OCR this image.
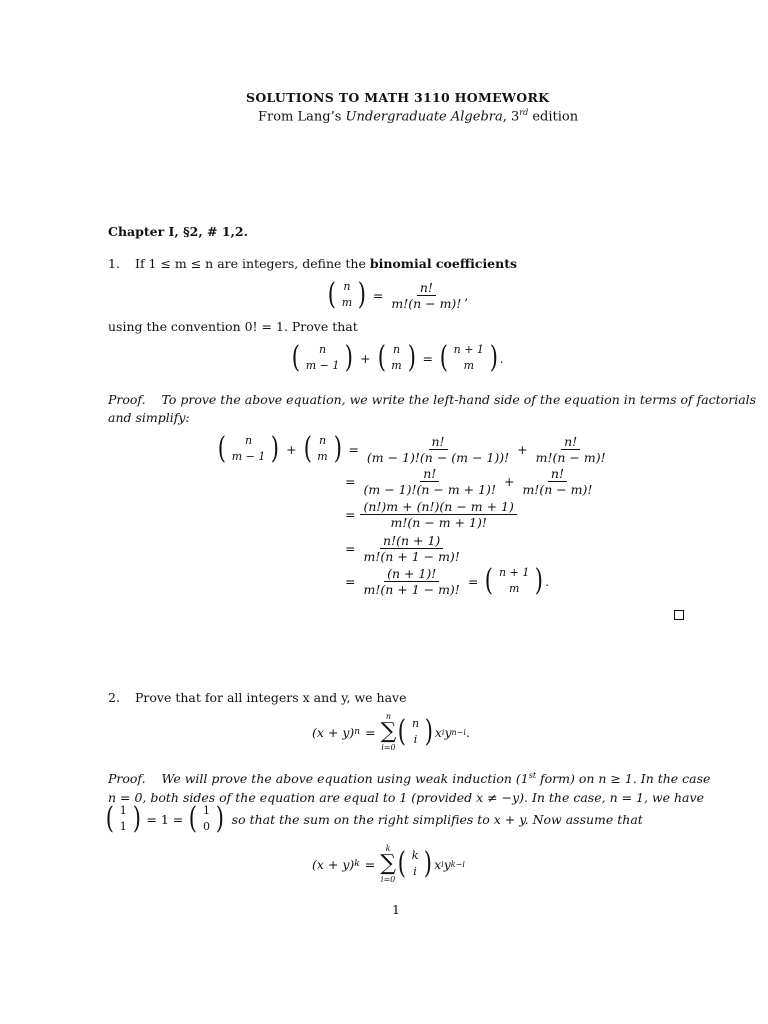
SOLUTIONS TO MATH 3110 HOMEWORK
From Lang’s Undergraduate Algebra, 3rd edition
Chapter I, §2, # 1,2.
1. If 1 ≤ m ≤ n are integers, define the binomial coefficients
( n
m ) = $\frac{n!}{m!(n - m)!}$ ,
using the convention 0! = 1. Prove that
( n
m − 1 ) + ( n
m ) = ( n + 1
m ) .
Proof. To prove the above equation, we write the left-hand side of the equation in terms of factorials
and simplify:
( n
m − 1 ) + ( n
m ) = $\frac{n!}{(m - 1)!(n - (m - 1))!} + \frac{n!}{m!(n - m)!}$
= $\frac{n!}{(m - 1)!(n - m + 1)!} + \frac{n!}{m!(n - m)!}$
= $\frac{(n!)m + (n!)(n - m + 1)}{m!(n - m + 1)!}$
= $\frac{n!(n + 1)}{m!(n + 1 - m)!}$
= $\frac{(n + 1)!}{m!(n + 1 - m)!}$ = ( n + 1
m ) .
2. Prove that for all integers x and y, we have
(x + y) n =
n
∑
i=0 ( n
i ) x i y n−i .
Proof. We will prove the above equation using weak induction (1st form) on n ≥ 1. In the case
n = 0, both sides of the equation are equal to 1 (provided x ≠ −y). In the case, n = 1, we have
( 1
1 ) = 1 = ( 1
0 ) so that the sum on the right simplifies to x + y. Now assume that
(x + y) k =
k
∑
i=0 ( k
i ) x i y k−i
1
